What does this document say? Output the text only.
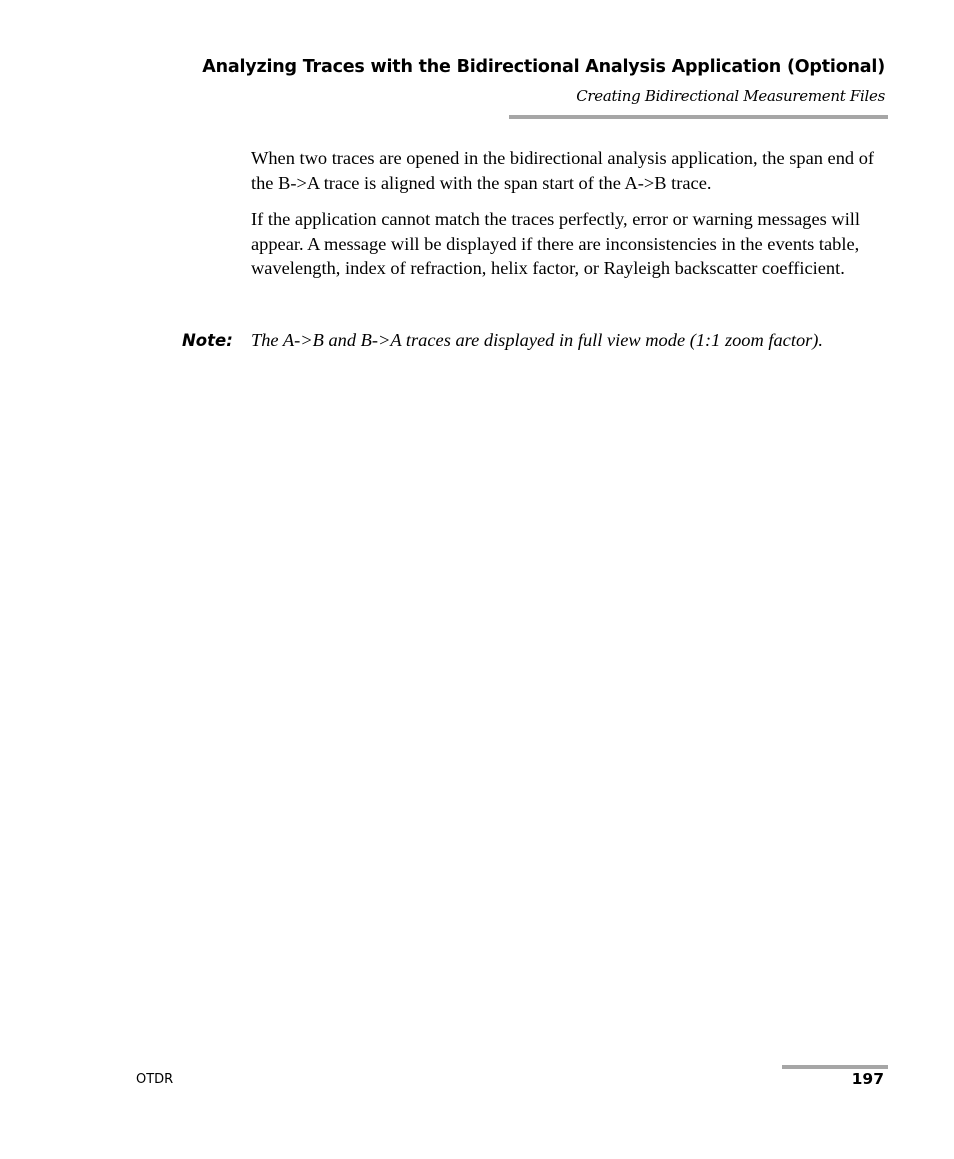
Analyzing Traces with the Bidirectional Analysis Application (Optional)
Creating Bidirectional Measurement Files

When two traces are opened in the bidirectional analysis application, the span end of the B->A trace is aligned with the span start of the A->B trace.

If the application cannot match the traces perfectly, error or warning messages will appear. A message will be displayed if there are inconsistencies in the events table, wavelength, index of refraction, helix factor, or Rayleigh backscatter coefficient.

Note: The A->B and B->A traces are displayed in full view mode (1:1 zoom factor).

OTDR	197
